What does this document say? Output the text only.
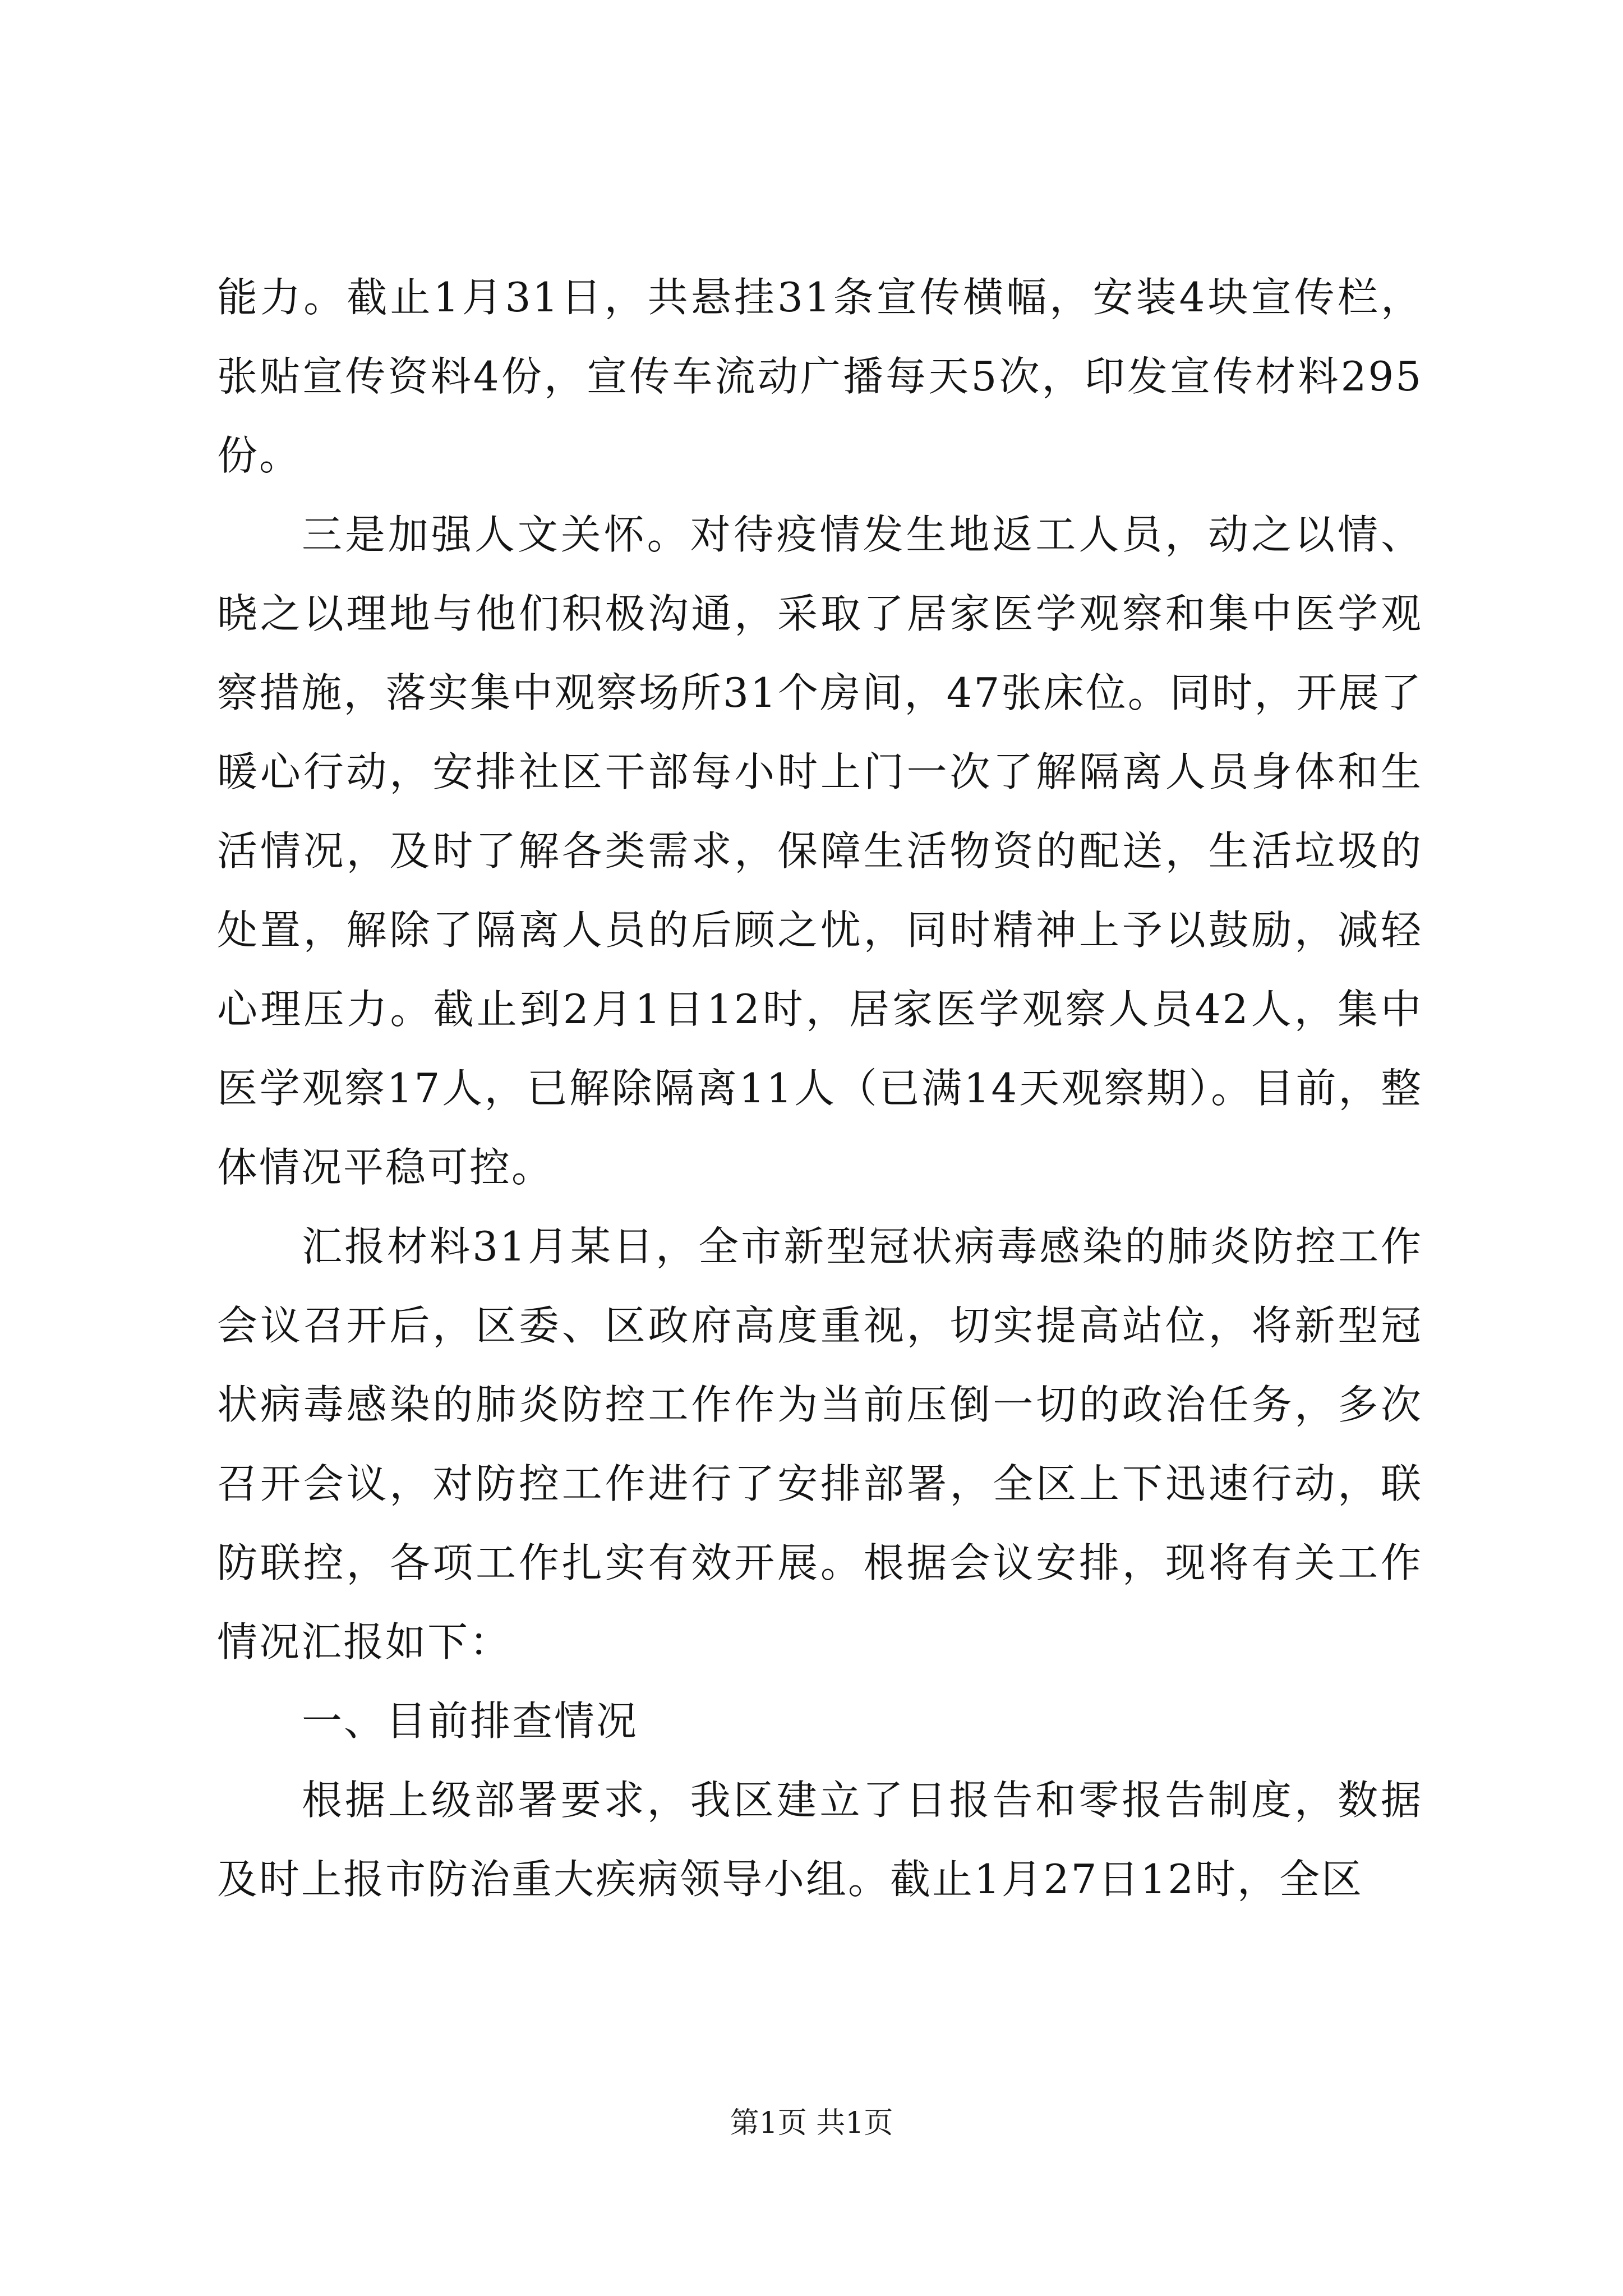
能力。截止1月31日，共悬挂31条宣传横幅，安装4块宣传栏，张贴宣传资料4份，宣传车流动广播每天5次，印发宣传材料295份。

三是加强人文关怀。对待疫情发生地返工人员，动之以情、晓之以理地与他们积极沟通，采取了居家医学观察和集中医学观察措施，落实集中观察场所31个房间，47张床位。同时，开展了暖心行动，安排社区干部每小时上门一次了解隔离人员身体和生活情况，及时了解各类需求，保障生活物资的配送，生活垃圾的处置，解除了隔离人员的后顾之忧，同时精神上予以鼓励，减轻心理压力。截止到2月1日12时，居家医学观察人员42人，集中医学观察17人，已解除隔离11人（已满14天观察期）。目前，整体情况平稳可控。

汇报材料31月某日，全市新型冠状病毒感染的肺炎防控工作会议召开后，区委、区政府高度重视，切实提高站位，将新型冠状病毒感染的肺炎防控工作作为当前压倒一切的政治任务，多次召开会议，对防控工作进行了安排部署，全区上下迅速行动，联防联控，各项工作扎实有效开展。根据会议安排，现将有关工作情况汇报如下：

一、目前排查情况

根据上级部署要求，我区建立了日报告和零报告制度，数据及时上报市防治重大疾病领导小组。截止1月27日12时，全区

第1页 共1页
